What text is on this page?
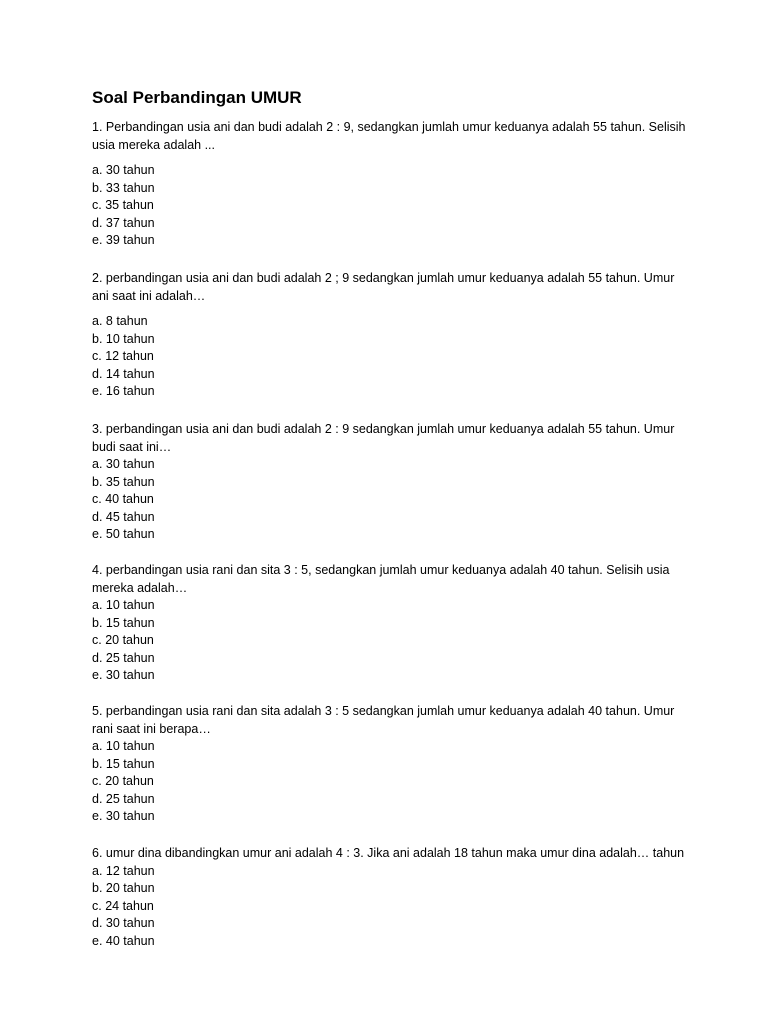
Soal Perbandingan UMUR

1. Perbandingan usia ani dan budi adalah 2 : 9, sedangkan jumlah umur keduanya adalah 55 tahun. Selisih usia mereka adalah ...

a. 30 tahun
b. 33 tahun
c. 35 tahun
d. 37 tahun
e. 39 tahun

2. perbandingan usia ani dan budi adalah 2 ; 9 sedangkan jumlah umur keduanya adalah 55 tahun. Umur ani saat ini adalah…

a. 8 tahun
b. 10 tahun
c. 12 tahun
d. 14 tahun
e. 16 tahun

3. perbandingan usia ani dan budi adalah 2 : 9 sedangkan jumlah umur keduanya adalah 55 tahun. Umur budi saat ini…

a. 30 tahun
b. 35 tahun
c. 40 tahun
d. 45 tahun
e. 50 tahun

4. perbandingan usia rani dan sita 3 : 5, sedangkan jumlah umur keduanya adalah 40 tahun. Selisih usia mereka adalah…

a. 10 tahun
b. 15 tahun
c. 20 tahun
d. 25 tahun
e. 30 tahun

5. perbandingan usia rani dan sita adalah 3 : 5 sedangkan jumlah umur keduanya adalah 40 tahun. Umur rani saat ini berapa…

a. 10 tahun
b. 15 tahun
c. 20 tahun
d. 25 tahun
e. 30 tahun

6. umur dina dibandingkan umur ani adalah 4 : 3. Jika ani adalah 18 tahun maka umur dina adalah… tahun

a. 12 tahun
b. 20 tahun
c. 24 tahun
d. 30 tahun
e. 40 tahun
